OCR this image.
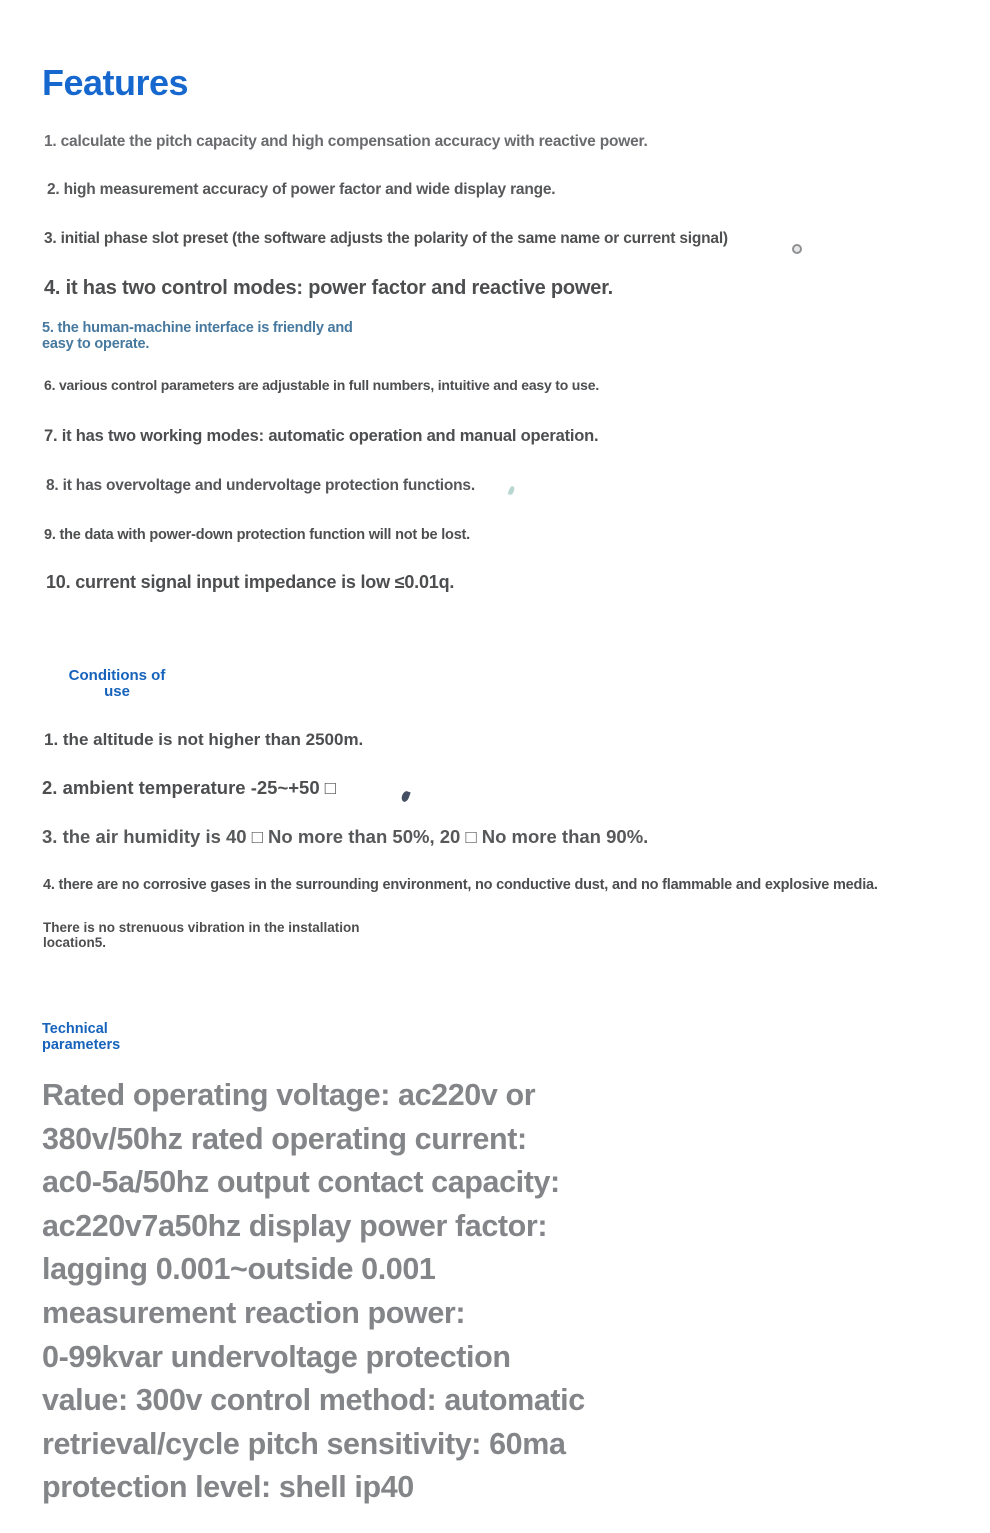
Features
1. calculate the pitch capacity and high compensation accuracy with reactive power.
2. high measurement accuracy of power factor and wide display range.
3. initial phase slot preset (the software adjusts the polarity of the same name or current signal)
4. it has two control modes: power factor and reactive power.
5. the human-machine interface is friendly and
easy to operate.
6. various control parameters are adjustable in full numbers, intuitive and easy to use.
7. it has two working modes: automatic operation and manual operation.
8. it has overvoltage and undervoltage protection functions.
9. the data with power-down protection function will not be lost.
10. current signal input impedance is low ≤0.01q.
Conditions of
use
1. the altitude is not higher than 2500m.
2. ambient temperature -25~+50 □
3. the air humidity is 40 □ No more than 50%, 20 □ No more than 90%.
4. there are no corrosive gases in the surrounding environment, no conductive dust, and no flammable and explosive media.
There is no strenuous vibration in the installation
location5.
Technical
parameters
Rated operating voltage: ac220v or
380v/50hz rated operating current:
ac0-5a/50hz output contact capacity:
ac220v7a50hz display power factor:
lagging 0.001~outside 0.001
measurement reaction power:
0-99kvar undervoltage protection
value: 300v control method: automatic
retrieval/cycle pitch sensitivity: 60ma
protection level: shell ip40
